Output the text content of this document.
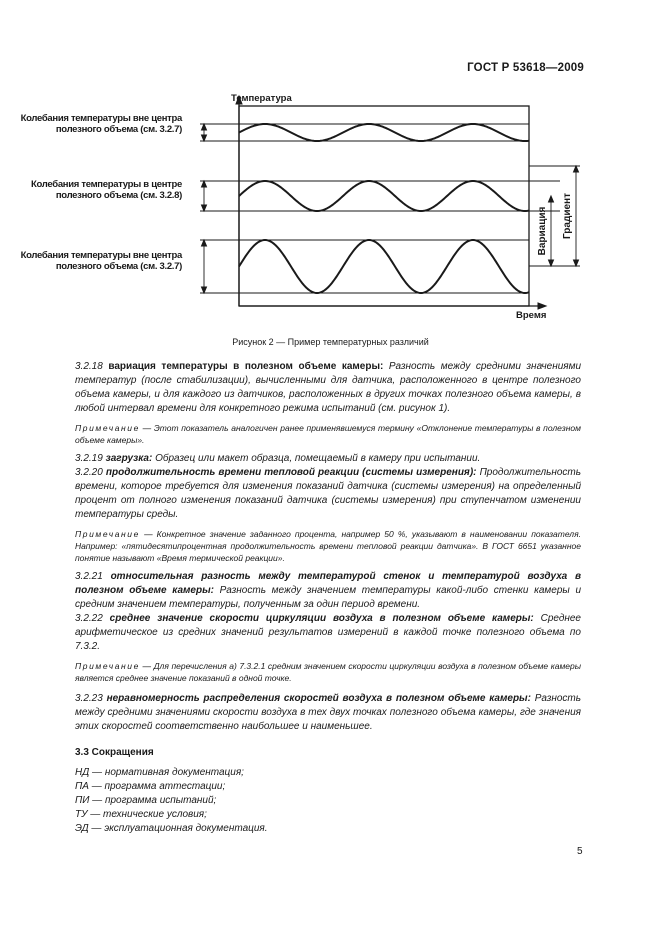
ГОСТ Р 53618—2009
Вариация Градиент
Температура
Время
Колебания температуры вне центра полезного объема (см. 3.2.7)
Колебания температуры в центре полезного объема (см. 3.2.8)
Колебания температуры вне центра полезного объема (см. 3.2.7)
Рисунок 2 — Пример температурных различий

3.2.18 вариация температуры в полезном объеме камеры: Разность между средними значениями температур (после стабилизации), вычисленными для датчика, расположенного в центре полезного объема камеры, и для каждого из датчиков, расположенных в других точках полезного объема камеры, в любой интервал времени для конкретного режима испытаний (см. рисунок 1).

Примечание — Этот показатель аналогичен ранее применявшемуся термину «Отклонение температуры в полезном объеме камеры».

3.2.19 загрузка: Образец или макет образца, помещаемый в камеру при испытании.

3.2.20 продолжительность времени тепловой реакции (системы измерения): Продолжительность времени, которое требуется для изменения показаний датчика (системы измерения) на определенный процент от полного изменения показаний датчика (системы измерения) при ступенчатом изменении температуры среды.

Примечание — Конкретное значение заданного процента, например 50 %, указывают в наименовании показателя. Например: «пятидесятипроцентная продолжительность времени тепловой реакции датчика». В ГОСТ 6651 указанное понятие называют «Время термической реакции».

3.2.21 относительная разность между температурой стенок и температурой воздуха в полезном объеме камеры: Разность между значением температуры какой-либо стенки камеры и средним значением температуры, полученным за один период времени.

3.2.22 среднее значение скорости циркуляции воздуха в полезном объеме камеры: Среднее арифметическое из средних значений результатов измерений в каждой точке полезного объема по 7.3.2.

Примечание — Для перечисления а) 7.3.2.1 средним значением скорости циркуляции воздуха в полезном объеме камеры является среднее значение показаний в одной точке.

3.2.23 неравномерность распределения скоростей воздуха в полезном объеме камеры: Разность между средними значениями скорости воздуха в тех двух точках полезного объема камеры, где значения этих скоростей соответственно наибольшее и наименьшее.

3.3 Сокращения

НД — нормативная документация;

ПА — программа аттестации;

ПИ — программа испытаний;

ТУ — технические условия;

ЭД — эксплуатационная документация.

5
